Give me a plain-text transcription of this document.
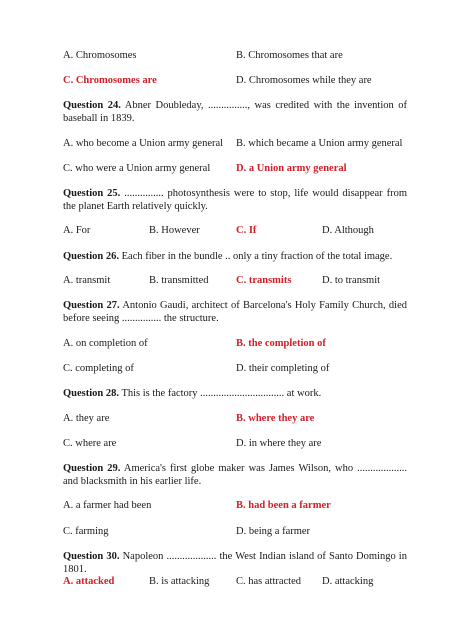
A. Chromosomes	B. Chromosomes that are
C. Chromosomes are	D. Chromosomes while they are
Question 24. Abner Doubleday, ..............., was credited with the invention of baseball in 1839.
A. who become a Union army general B. which became a Union army general
C. who were a Union army general D. a Union army general
Question 25. ............... photosynthesis were to stop, life would disappear from the planet Earth relatively quickly.
A. For	B. However	C. If	D. Although
Question 26. Each fiber in the bundle .. only a tiny fraction of the total image.
A. transmit	B. transmitted	C. transmits	D. to transmit
Question 27. Antonio Gaudi, architect of Barcelona's Holy Family Church, died before seeing ............... the structure.
A. on completion of	B. the completion of
C. completing of	D. their completing of
Question 28. This is the factory ................................ at work.
A. they are	B. where they are
C. where are	D. in where they are
Question 29. America's first globe maker was James Wilson, who ................... and blacksmith in his earlier life.
A. a farmer had been	B. had been a farmer
C. farming	D. being a farmer
Question 30. Napoleon ................... the West Indian island of Santo Domingo in 1801.
A. attacked	B. is attacking	C. has attracted D. attacking
